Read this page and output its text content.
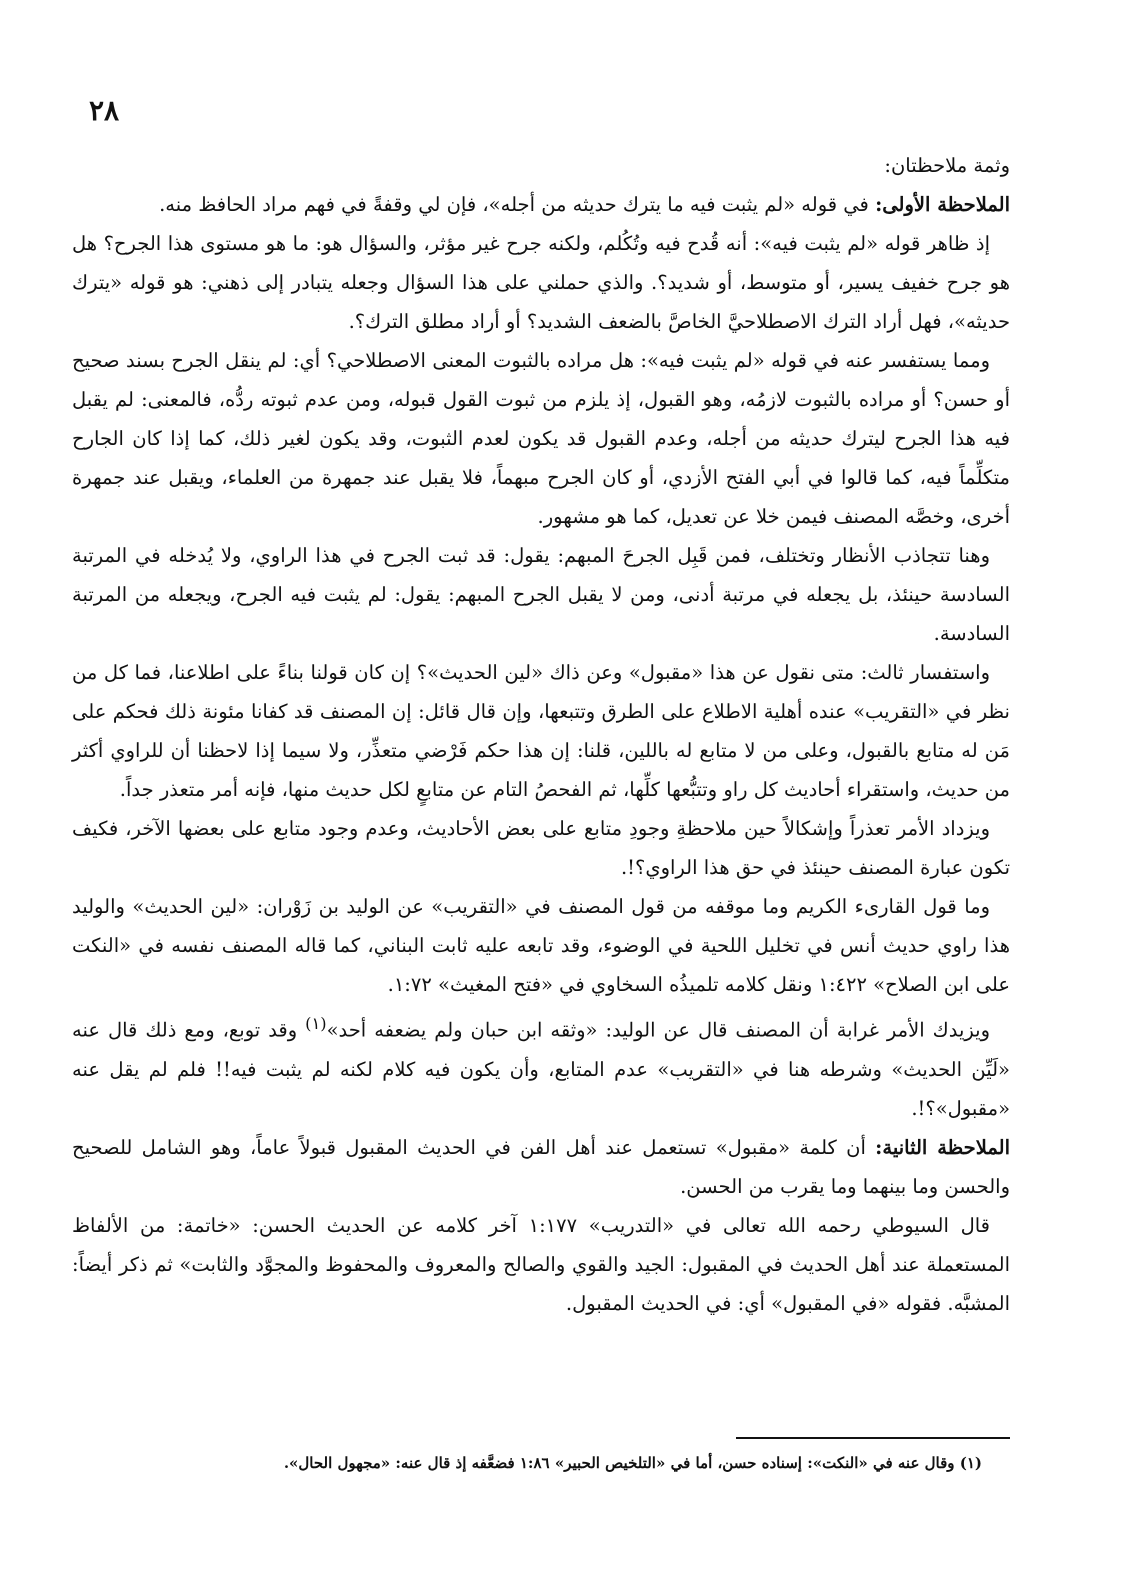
٢٨

وثمة ملاحظتان:

الملاحظة الأولى: في قوله «لم يثبت فيه ما يترك حديثه من أجله»، فإن لي وقفةً في فهم مراد الحافظ منه.

إذ ظاهر قوله «لم يثبت فيه»: أنه قُدح فيه وتُكُلم، ولكنه جرح غير مؤثر، والسؤال هو: ما هو مستوى هذا الجرح؟ هل هو جرح خفيف يسير، أو متوسط، أو شديد؟. والذي حملني على هذا السؤال وجعله يتبادر إلى ذهني: هو قوله «يترك حديثه»، فهل أراد الترك الاصطلاحيَّ الخاصَّ بالضعف الشديد؟ أو أراد مطلق الترك؟.

ومما يستفسر عنه في قوله «لم يثبت فيه»: هل مراده بالثبوت المعنى الاصطلاحي؟ أي: لم ينقل الجرح بسند صحيح أو حسن؟ أو مراده بالثبوت لازمُه، وهو القبول، إذ يلزم من ثبوت القول قبوله، ومن عدم ثبوته ردُّه، فالمعنى: لم يقبل فيه هذا الجرح ليترك حديثه من أجله، وعدم القبول قد يكون لعدم الثبوت، وقد يكون لغير ذلك، كما إذا كان الجارح متكلِّماً فيه، كما قالوا في أبي الفتح الأزدي، أو كان الجرح مبهماً، فلا يقبل عند جمهرة من العلماء، ويقبل عند جمهرة أخرى، وخصَّه المصنف فيمن خلا عن تعديل، كما هو مشهور.

وهنا تتجاذب الأنظار وتختلف، فمن قَبِل الجرحَ المبهم: يقول: قد ثبت الجرح في هذا الراوي، ولا يُدخله في المرتبة السادسة حينئذ، بل يجعله في مرتبة أدنى، ومن لا يقبل الجرح المبهم: يقول: لم يثبت فيه الجرح، ويجعله من المرتبة السادسة.

واستفسار ثالث: متى نقول عن هذا «مقبول» وعن ذاك «لين الحديث»؟ إن كان قولنا بناءً على اطلاعنا، فما كل من نظر في «التقريب» عنده أهلية الاطلاع على الطرق وتتبعها، وإن قال قائل: إن المصنف قد كفانا مئونة ذلك فحكم على مَن له متابع بالقبول، وعلى من لا متابع له باللين، قلنا: إن هذا حكم فَرْضي متعذِّر، ولا سيما إذا لاحظنا أن للراوي أكثر من حديث، واستقراء أحاديث كل راو وتتبُّعها كلِّها، ثم الفحصُ التام عن متابعٍ لكل حديث منها، فإنه أمر متعذر جداً.

ويزداد الأمر تعذراً وإشكالاً حين ملاحظةِ وجودِ متابع على بعض الأحاديث، وعدم وجود متابع على بعضها الآخر، فكيف تكون عبارة المصنف حينئذ في حق هذا الراوي؟!.

وما قول القارىء الكريم وما موقفه من قول المصنف في «التقريب» عن الوليد بن زَوْران: «لين الحديث» والوليد هذا راوي حديث أنس في تخليل اللحية في الوضوء، وقد تابعه عليه ثابت البناني، كما قاله المصنف نفسه في «النكت على ابن الصلاح» ١:٤٢٢ ونقل كلامه تلميذُه السخاوي في «فتح المغيث» ١:٧٢.

ويزيدك الأمر غرابة أن المصنف قال عن الوليد: «وثقه ابن حبان ولم يضعفه أحد»$^{(١)}$ وقد توبع، ومع ذلك قال عنه «لَيِّن الحديث» وشرطه هنا في «التقريب» عدم المتابع، وأن يكون فيه كلام لكنه لم يثبت فيه!! فلم لم يقل عنه «مقبول»؟!.

الملاحظة الثانية: أن كلمة «مقبول» تستعمل عند أهل الفن في الحديث المقبول قبولاً عاماً، وهو الشامل للصحيح والحسن وما بينهما وما يقرب من الحسن.

قال السيوطي رحمه الله تعالى في «التدريب» ١:١٧٧ آخر كلامه عن الحديث الحسن: «خاتمة: من الألفاظ المستعملة عند أهل الحديث في المقبول: الجيد والقوي والصالح والمعروف والمحفوظ والمجوَّد والثابت» ثم ذكر أيضاً: المشبَّه. فقوله «في المقبول» أي: في الحديث المقبول.

(١) وقال عنه في «النكت»: إسناده حسن، أما في «التلخيص الحبير» ١:٨٦ فضعَّفه إذ قال عنه: «مجهول الحال».
